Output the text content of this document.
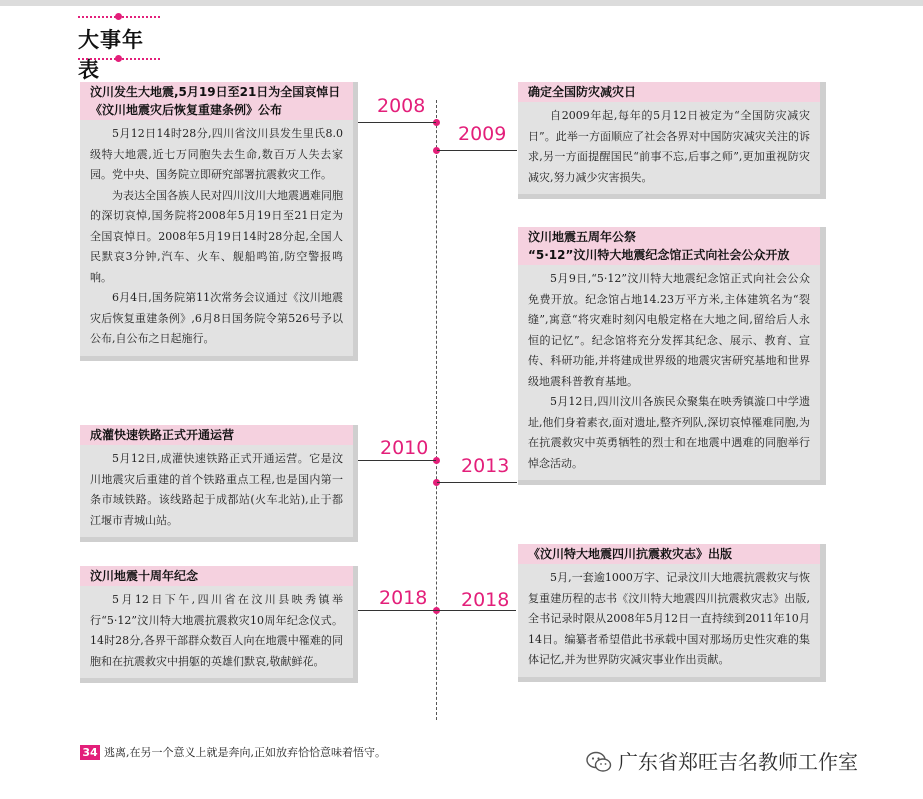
大事年表
2008
2009
2010
2013
2018 2018
汶川发生大地震,5月19日至21日为全国哀悼日
《汶川地震灾后恢复重建条例》公布

5月12日14时28分,四川省汶川县发生里氏8.0级特大地震,近七万同胞失去生命,数百万人失去家园。党中央、国务院立即研究部署抗震救灾工作。

为表达全国各族人民对四川汶川大地震遇难同胞的深切哀悼,国务院将2008年5月19日至21日定为全国哀悼日。2008年5月19日14时28分起,全国人民默哀3分钟,汽车、火车、舰船鸣笛,防空警报鸣响。

6月4日,国务院第11次常务会议通过《汶川地震灾后恢复重建条例》,6月8日国务院令第526号予以公布,自公布之日起施行。

确定全国防灾减灾日

自2009年起,每年的5月12日被定为“全国防灾减灾日”。此举一方面顺应了社会各界对中国防灾减灾关注的诉求,另一方面提醒国民“前事不忘,后事之师”,更加重视防灾减灾,努力减少灾害损失。

汶川地震五周年公祭
“5·12”汶川特大地震纪念馆正式向社会公众开放

5月9日,“5·12”汶川特大地震纪念馆正式向社会公众免费开放。纪念馆占地14.23万平方米,主体建筑名为“裂缝”,寓意“将灾难时刻闪电般定格在大地之间,留给后人永恒的记忆”。纪念馆将充分发挥其纪念、展示、教育、宣传、科研功能,并将建成世界级的地震灾害研究基地和世界级地震科普教育基地。

5月12日,四川汶川各族民众聚集在映秀镇漩口中学遗址,他们身着素衣,面对遗址,整齐列队,深切哀悼罹难同胞,为在抗震救灾中英勇牺牲的烈士和在地震中遇难的同胞举行悼念活动。

成灌快速铁路正式开通运营

5月12日,成灌快速铁路正式开通运营。它是汶川地震灾后重建的首个铁路重点工程,也是国内第一条市域铁路。该线路起于成都站(火车北站),止于都江堰市青城山站。

汶川地震十周年纪念

5月12日下午,四川省在汶川县映秀镇举行“5·12”汶川特大地震抗震救灾10周年纪念仪式。14时28分,各界干部群众数百人向在地震中罹难的同胞和在抗震救灾中捐躯的英雄们默哀,敬献鲜花。

《汶川特大地震四川抗震救灾志》出版

5月,一套逾1000万字、记录汶川大地震抗震救灾与恢复重建历程的志书《汶川特大地震四川抗震救灾志》出版,全书记录时限从2008年5月12日一直持续到2011年10月14日。编纂者希望借此书承载中国对那场历史性灾难的集体记忆,并为世界防灾减灾事业作出贡献。

34 逃离,在另一个意义上就是奔向,正如放弃恰恰意味着悟守。	广东省郑旺吉名教师工作室
